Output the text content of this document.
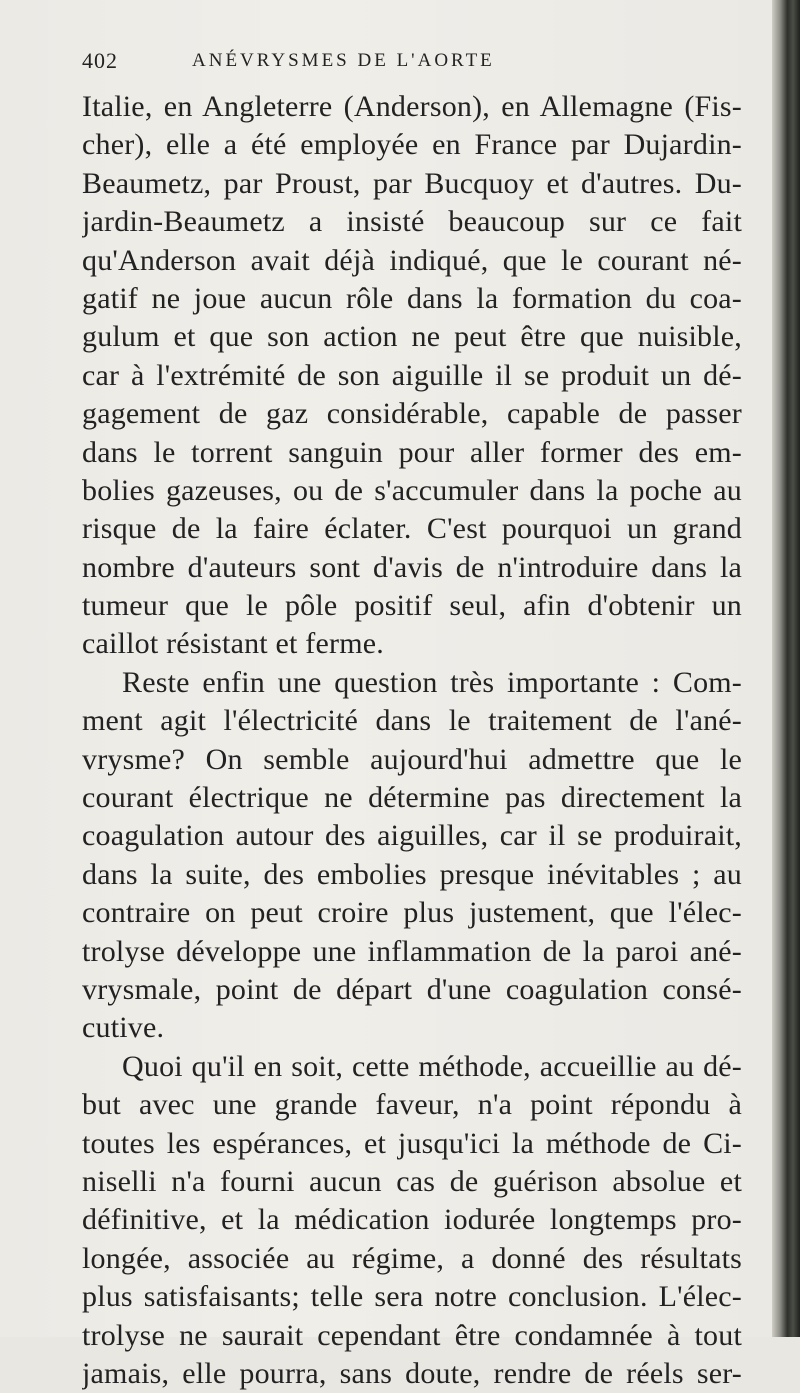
402	ANÉVRYSMES DE L'AORTE
Italie, en Angleterre (Anderson), en Allemagne (Fis-
cher), elle a été employée en France par Dujardin-
Beaumetz, par Proust, par Bucquoy et d'autres. Du-
jardin-Beaumetz a insisté beaucoup sur ce fait
qu'Anderson avait déjà indiqué, que le courant né-
gatif ne joue aucun rôle dans la formation du coa-
gulum et que son action ne peut être que nuisible,
car à l'extrémité de son aiguille il se produit un dé-
gagement de gaz considérable, capable de passer
dans le torrent sanguin pour aller former des em-
bolies gazeuses, ou de s'accumuler dans la poche au
risque de la faire éclater. C'est pourquoi un grand
nombre d'auteurs sont d'avis de n'introduire dans la
tumeur que le pôle positif seul, afin d'obtenir un
caillot résistant et ferme.
Reste enfin une question très importante : Com-
ment agit l'électricité dans le traitement de l'ané-
vrysme? On semble aujourd'hui admettre que le
courant électrique ne détermine pas directement la
coagulation autour des aiguilles, car il se produirait,
dans la suite, des embolies presque inévitables ; au
contraire on peut croire plus justement, que l'élec-
trolyse développe une inflammation de la paroi ané-
vrysmale, point de départ d'une coagulation consé-
cutive.
Quoi qu'il en soit, cette méthode, accueillie au dé-
but avec une grande faveur, n'a point répondu à
toutes les espérances, et jusqu'ici la méthode de Ci-
niselli n'a fourni aucun cas de guérison absolue et
définitive, et la médication iodurée longtemps pro-
longée, associée au régime, a donné des résultats
plus satisfaisants; telle sera notre conclusion. L'élec-
trolyse ne saurait cependant être condamnée à tout
jamais, elle pourra, sans doute, rendre de réels ser-
